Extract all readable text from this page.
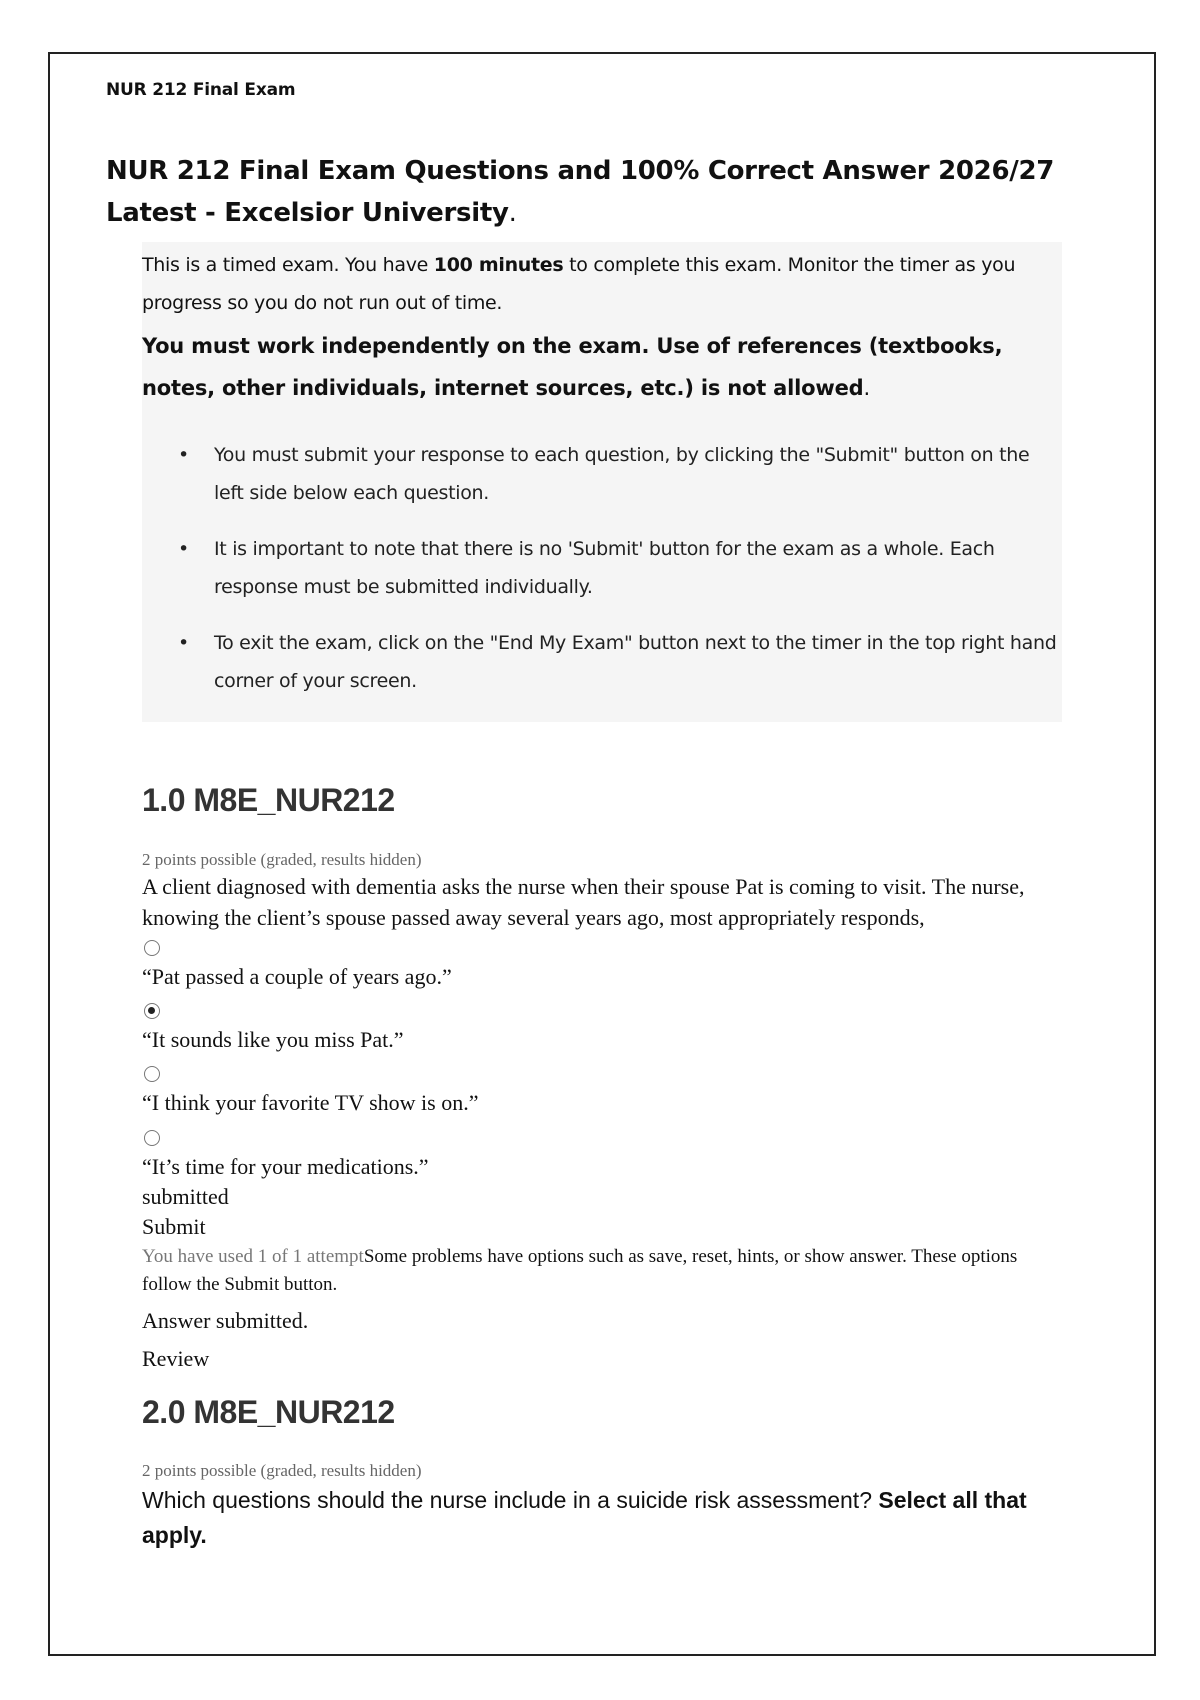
NUR 212 Final Exam
NUR 212 Final Exam Questions and 100% Correct Answer 2026/27 Latest - Excelsior University.

This is a timed exam. You have 100 minutes to complete this exam. Monitor the timer as you progress so you do not run out of time.

You must work independently on the exam. Use of references (textbooks, notes, other individuals, internet sources, etc.) is not allowed.

• You must submit your response to each question, by clicking the "Submit" button on the left side below each question.
• It is important to note that there is no 'Submit' button for the exam as a whole. Each response must be submitted individually.
• To exit the exam, click on the "End My Exam" button next to the timer in the top right hand corner of your screen.
1.0 M8E_NUR212
2 points possible (graded, results hidden)

A client diagnosed with dementia asks the nurse when their spouse Pat is coming to visit. The nurse, knowing the client’s spouse passed away several years ago, most appropriately responds,

“Pat passed a couple of years ago.”
“It sounds like you miss Pat.”
“I think your favorite TV show is on.”
“It’s time for your medications.”
submitted
Submit

You have used 1 of 1 attemptSome problems have options such as save, reset, hints, or show answer. These options follow the Submit button.

Answer submitted.
Review
2.0 M8E_NUR212
2 points possible (graded, results hidden)

Which questions should the nurse include in a suicide risk assessment? Select all that apply.
